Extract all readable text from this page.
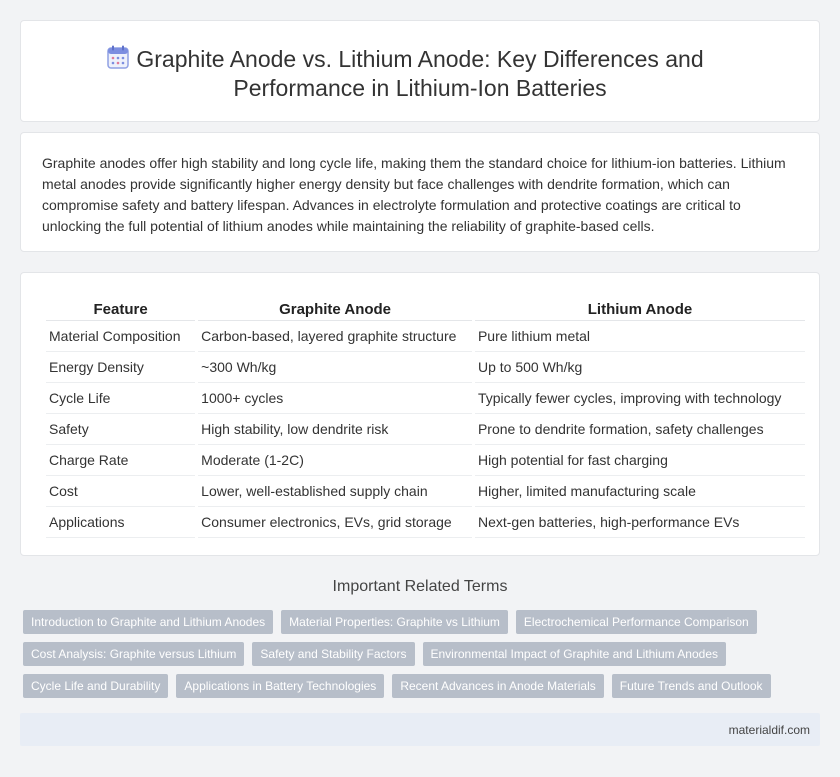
Graphite Anode vs. Lithium Anode: Key Differences and
Performance in Lithium-Ion Batteries

Graphite anodes offer high stability and long cycle life, making them the standard choice for lithium-ion batteries. Lithium metal anodes provide significantly higher energy density but face challenges with dendrite formation, which can compromise safety and battery lifespan. Advances in electrolyte formulation and protective coatings are critical to unlocking the full potential of lithium anodes while maintaining the reliability of graphite-based cells.

Feature	Graphite Anode	Lithium Anode
Material Composition	Carbon-based, layered graphite structure	Pure lithium metal
Energy Density	~300 Wh/kg	Up to 500 Wh/kg
Cycle Life	1000+ cycles	Typically fewer cycles, improving with technology
Safety	High stability, low dendrite risk	Prone to dendrite formation, safety challenges
Charge Rate	Moderate (1-2C)	High potential for fast charging
Cost	Lower, well-established supply chain	Higher, limited manufacturing scale
Applications	Consumer electronics, EVs, grid storage	Next-gen batteries, high-performance EVs
Important Related Terms
Introduction to Graphite and Lithium Anodes	Material Properties: Graphite vs Lithium	Electrochemical Performance Comparison
Cost Analysis: Graphite versus Lithium	Safety and Stability Factors	Environmental Impact of Graphite and Lithium Anodes
Cycle Life and Durability	Applications in Battery Technologies	Recent Advances in Anode Materials	Future Trends and Outlook
materialdif.com
